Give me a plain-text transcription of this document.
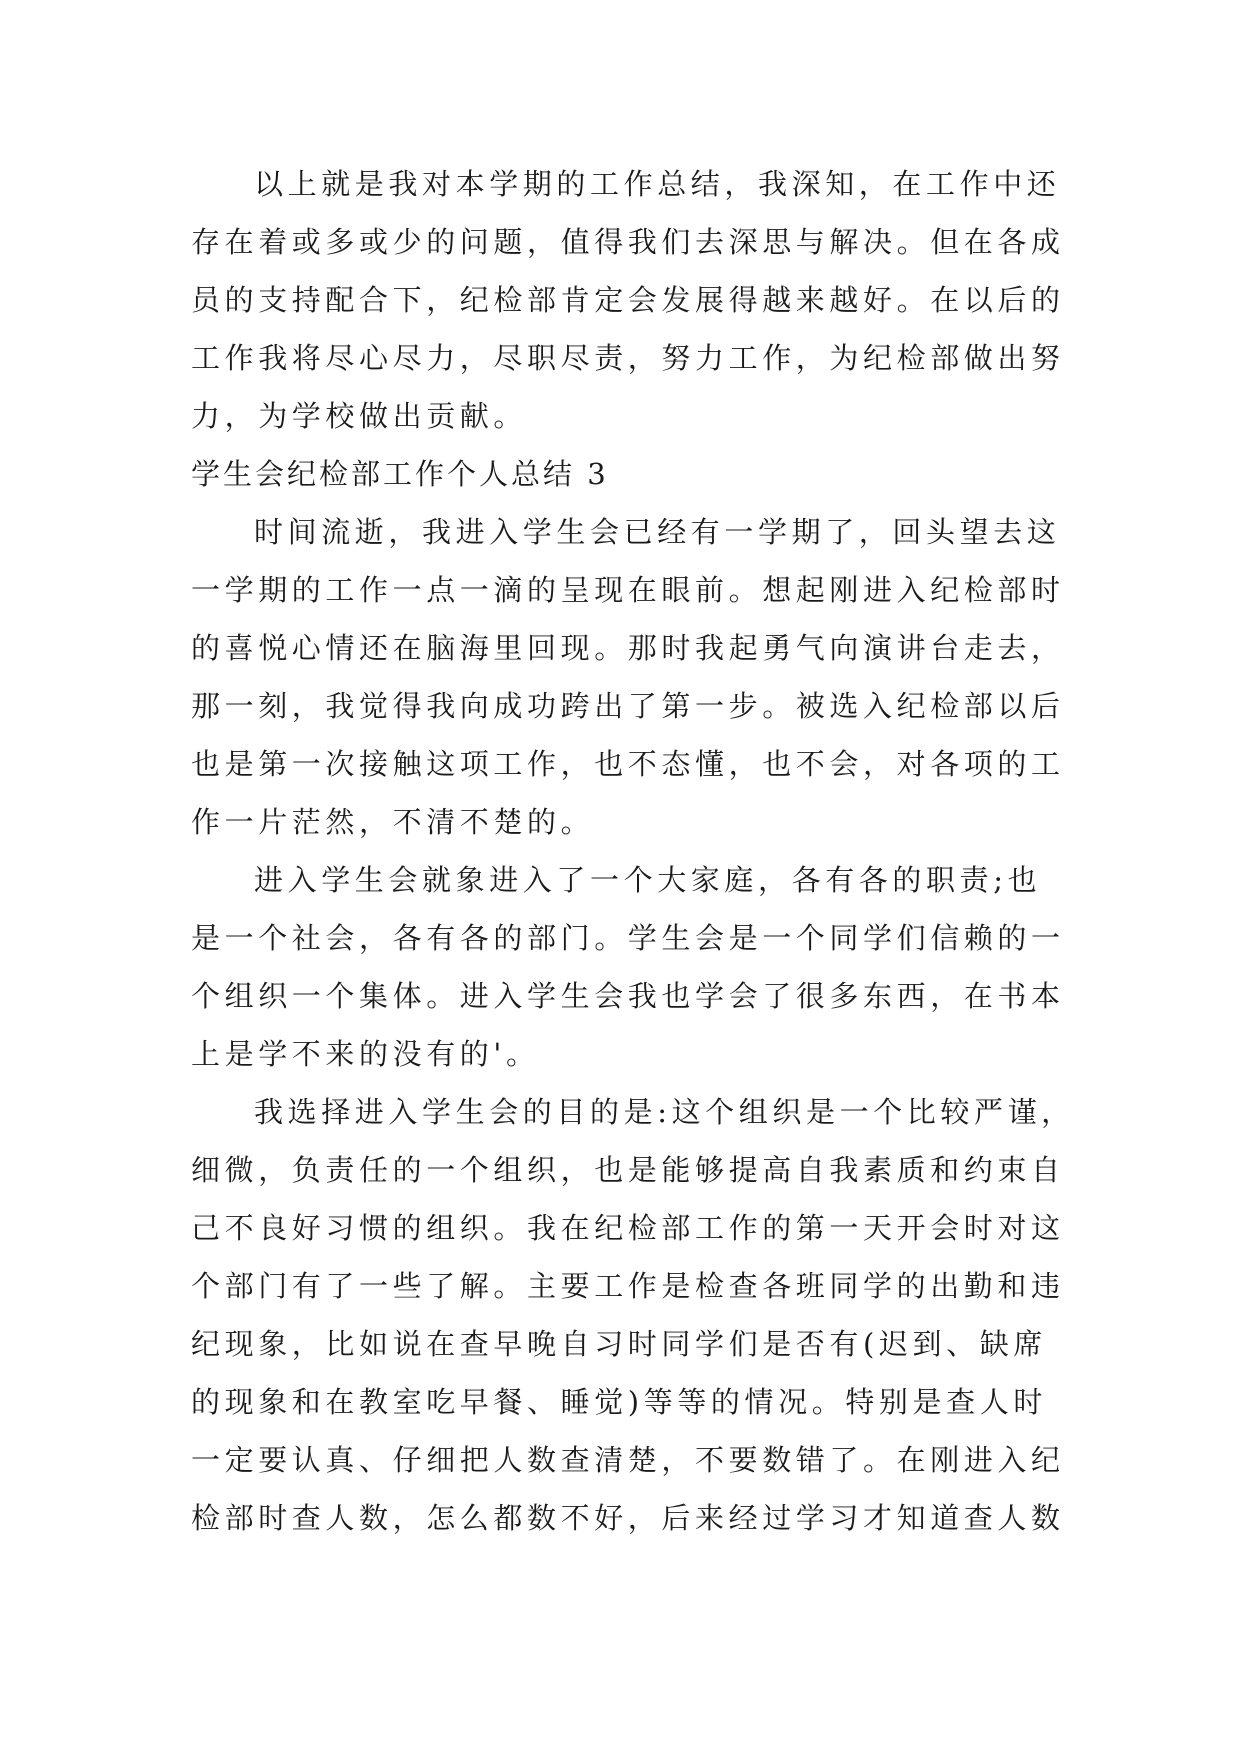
以上就是我对本学期的工作总结，我深知，在工作中还
存在着或多或少的问题，值得我们去深思与解决。但在各成
员的支持配合下，纪检部肯定会发展得越来越好。在以后的
工作我将尽心尽力，尽职尽责，努力工作，为纪检部做出努
力，为学校做出贡献。
学生会纪检部工作个人总结 3
时间流逝，我进入学生会已经有一学期了，回头望去这
一学期的工作一点一滴的呈现在眼前。想起刚进入纪检部时
的喜悦心情还在脑海里回现。那时我起勇气向演讲台走去，
那一刻，我觉得我向成功跨出了第一步。被选入纪检部以后
也是第一次接触这项工作，也不态懂，也不会，对各项的工
作一片茫然，不清不楚的。
进入学生会就象进入了一个大家庭，各有各的职责;也
是一个社会，各有各的部门。学生会是一个同学们信赖的一
个组织一个集体。进入学生会我也学会了很多东西，在书本
上是学不来的没有的'。
我选择进入学生会的目的是:这个组织是一个比较严谨，
细微，负责任的一个组织，也是能够提高自我素质和约束自
己不良好习惯的组织。我在纪检部工作的第一天开会时对这
个部门有了一些了解。主要工作是检查各班同学的出勤和违
纪现象，比如说在查早晚自习时同学们是否有(迟到、缺席
的现象和在教室吃早餐、睡觉)等等的情况。特别是查人时
一定要认真、仔细把人数查清楚，不要数错了。在刚进入纪
检部时查人数，怎么都数不好，后来经过学习才知道查人数
